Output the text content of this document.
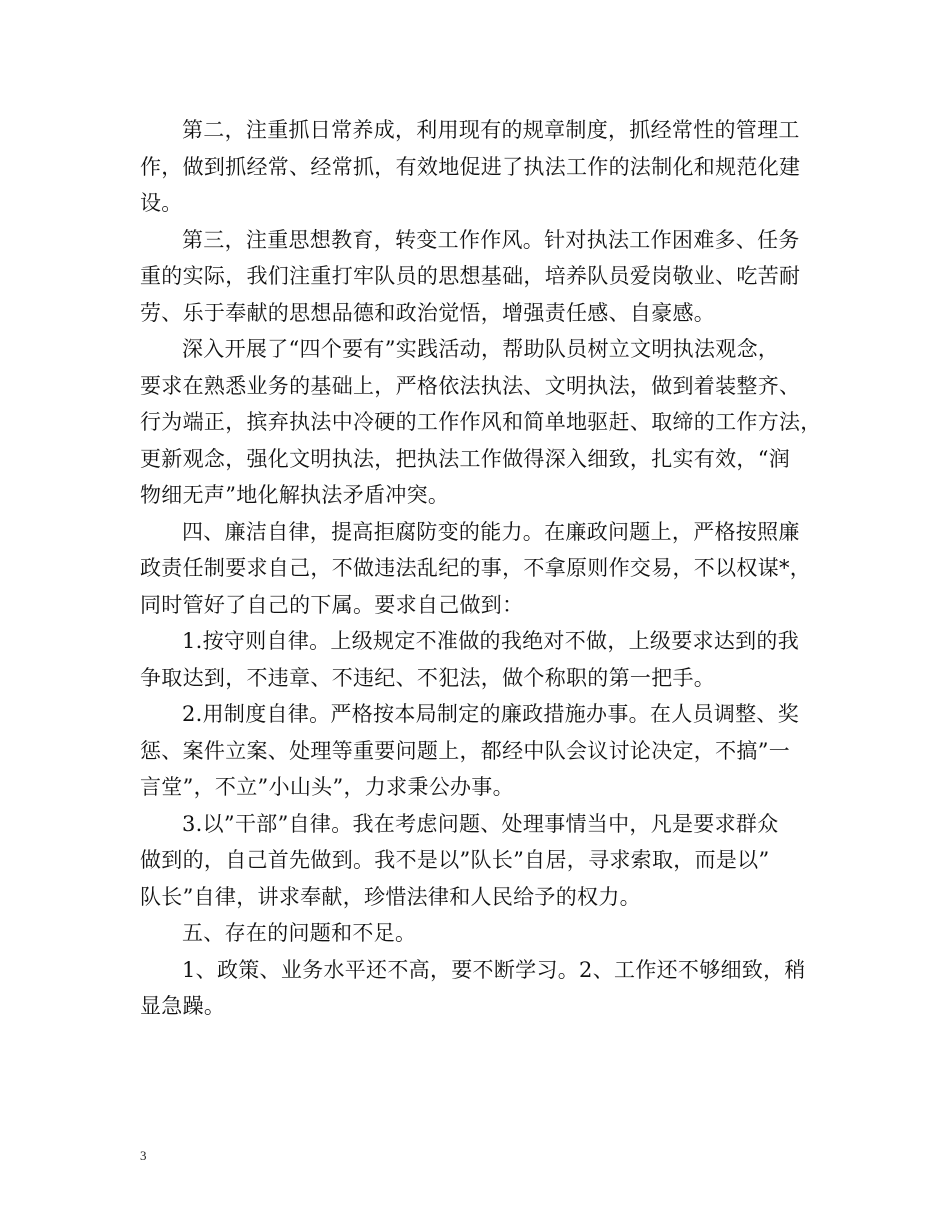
第二，注重抓日常养成，利用现有的规章制度，抓经常性的管理工
作，做到抓经常、经常抓，有效地促进了执法工作的法制化和规范化建
设。
第三，注重思想教育，转变工作作风。针对执法工作困难多、任务
重的实际，我们注重打牢队员的思想基础，培养队员爱岗敬业、吃苦耐
劳、乐于奉献的思想品德和政治觉悟，增强责任感、自豪感。
深入开展了“四个要有”实践活动，帮助队员树立文明执法观念，
要求在熟悉业务的基础上，严格依法执法、文明执法，做到着装整齐、
行为端正，摈弃执法中冷硬的工作作风和简单地驱赶、取缔的工作方法，
更新观念，强化文明执法，把执法工作做得深入细致，扎实有效，“润
物细无声”地化解执法矛盾冲突。
四、廉洁自律，提高拒腐防变的能力。在廉政问题上，严格按照廉
政责任制要求自己，不做违法乱纪的事，不拿原则作交易，不以权谋*，
同时管好了自己的下属。要求自己做到：
1.按守则自律。上级规定不准做的我绝对不做，上级要求达到的我
争取达到，不违章、不违纪、不犯法，做个称职的第一把手。
2.用制度自律。严格按本局制定的廉政措施办事。在人员调整、奖
惩、案件立案、处理等重要问题上，都经中队会议讨论决定，不搞”一
言堂”，不立”小山头”，力求秉公办事。
3.以”干部”自律。我在考虑问题、处理事情当中，凡是要求群众
做到的，自己首先做到。我不是以”队长”自居，寻求索取，而是以”
队长”自律，讲求奉献，珍惜法律和人民给予的权力。
五、存在的问题和不足。
1、政策、业务水平还不高，要不断学习。2、工作还不够细致，稍
显急躁。
3
